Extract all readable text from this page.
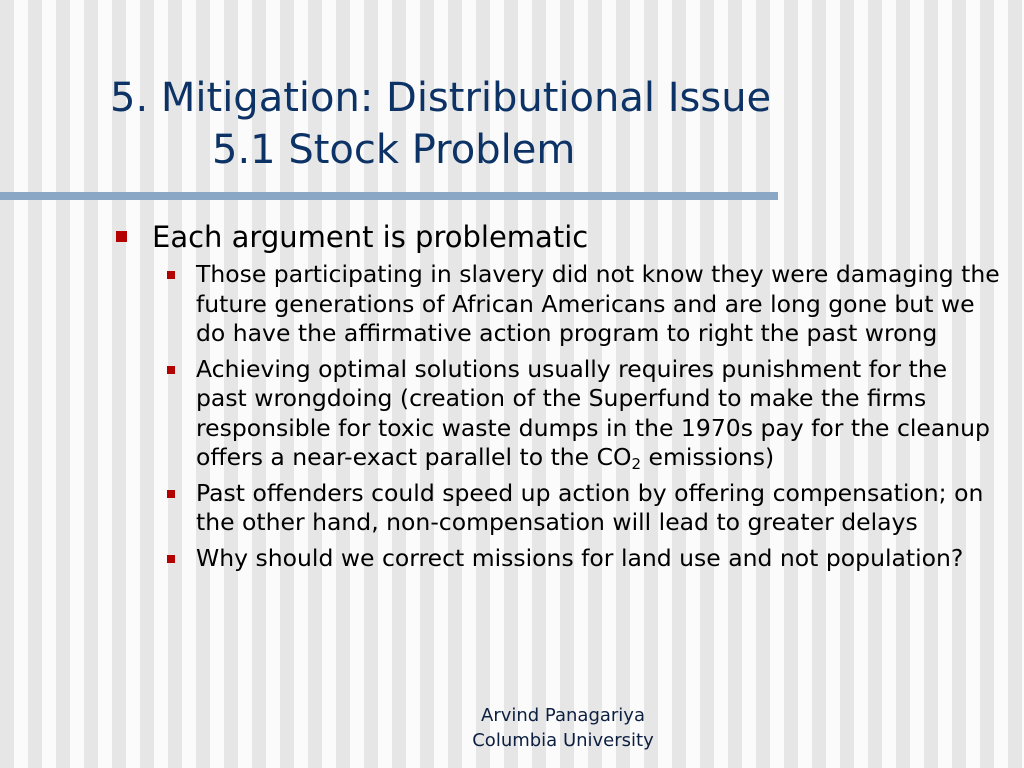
5. Mitigation: Distributional Issue
5.1 Stock Problem
Each argument is problematic
Those participating in slavery did not know they were damaging the future generations of African Americans and are long gone but we do have the affirmative action program to right the past wrong
Achieving optimal solutions usually requires punishment for the past wrongdoing (creation of the Superfund to make the firms responsible for toxic waste dumps in the 1970s pay for the cleanup offers a near-exact parallel to the $CO_2$ emissions)
Past offenders could speed up action by offering compensation; on the other hand, non-compensation will lead to greater delays
Why should we correct missions for land use and not population?
Arvind Panagariya
Columbia University
